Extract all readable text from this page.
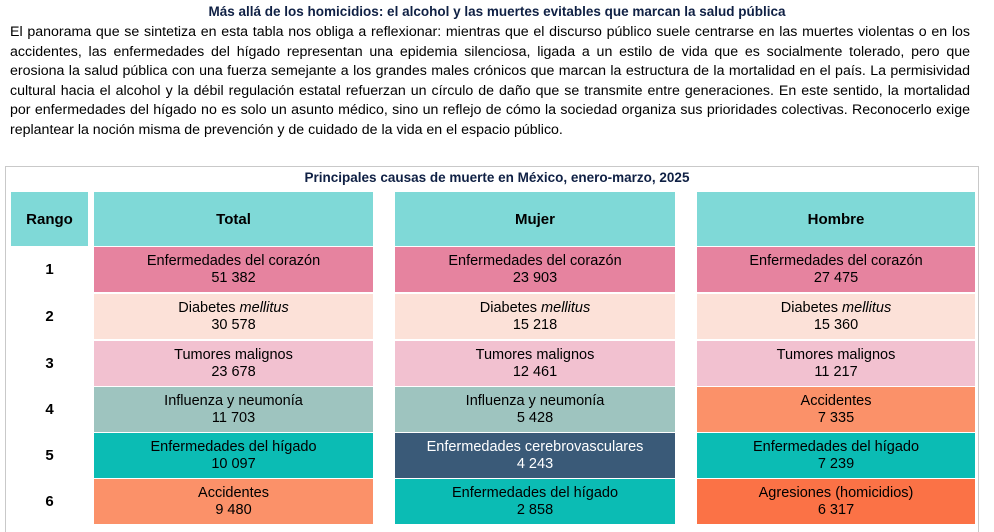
Más allá de los homicidios: el alcohol y las muertes evitables que marcan la salud pública
El panorama que se sintetiza en esta tabla nos obliga a reflexionar: mientras que el discurso público suele centrarse en las muertes violentas o en los accidentes, las enfermedades del hígado representan una epidemia silenciosa, ligada a un estilo de vida que es socialmente tolerado, pero que erosiona la salud pública con una fuerza semejante a los grandes males crónicos que marcan la estructura de la mortalidad en el país. La permisividad cultural hacia el alcohol y la débil regulación estatal refuerzan un círculo de daño que se transmite entre generaciones. En este sentido, la mortalidad por enfermedades del hígado no es solo un asunto médico, sino un reflejo de cómo la sociedad organiza sus prioridades colectivas. Reconocerlo exige replantear la noción misma de prevención y de cuidado de la vida en el espacio público.
Principales causas de muerte en México, enero-marzo, 2025
Rango
1
2
3
4
5
6
Total
Enfermedades del corazón
51 382
Diabetes mellitus
30 578
Tumores malignos
23 678
Influenza y neumonía
11 703
Enfermedades del hígado
10 097
Accidentes
9 480
Mujer
Enfermedades del corazón
23 903
Diabetes mellitus
15 218
Tumores malignos
12 461
Influenza y neumonía
5 428
Enfermedades cerebrovasculares
4 243
Enfermedades del hígado
2 858
Hombre
Enfermedades del corazón
27 475
Diabetes mellitus
15 360
Tumores malignos
11 217
Accidentes
7 335
Enfermedades del hígado
7 239
Agresiones (homicidios)
6 317
